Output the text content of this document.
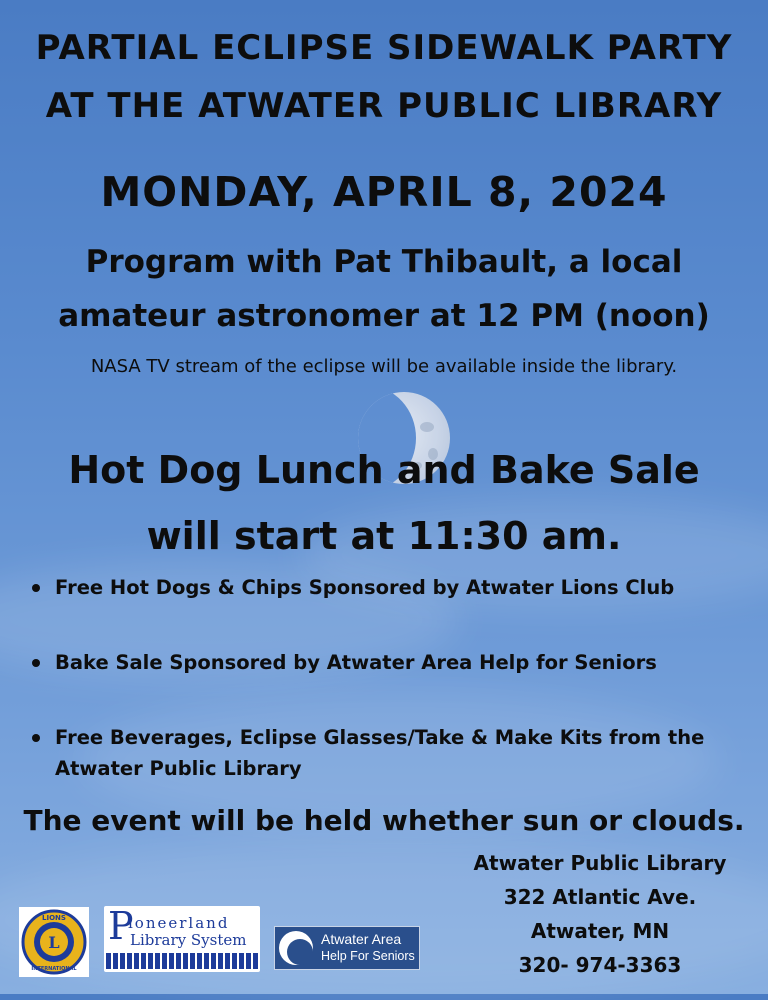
PARTIAL ECLIPSE SIDEWALK PARTY
AT THE ATWATER PUBLIC LIBRARY
MONDAY, APRIL 8, 2024

Program with Pat Thibault, a local

amateur astronomer at 12 PM (noon)

NASA TV stream of the eclipse will be available inside the library.

Hot Dog Lunch and Bake Sale

will start at 11:30 am.

Free Hot Dogs & Chips Sponsored by Atwater Lions Club
Bake Sale Sponsored by Atwater Area Help for Seniors
Free Beverages, Eclipse Glasses/Take & Make Kits from the Atwater Public Library

The event will be held whether sun or clouds.

Atwater Public Library
322 Atlantic Ave.
Atwater, MN
320- 974-3363
L
LIONS
INTERNATIONAL
P
ioneerland
Library System	Atwater Area
Help For Seniors
